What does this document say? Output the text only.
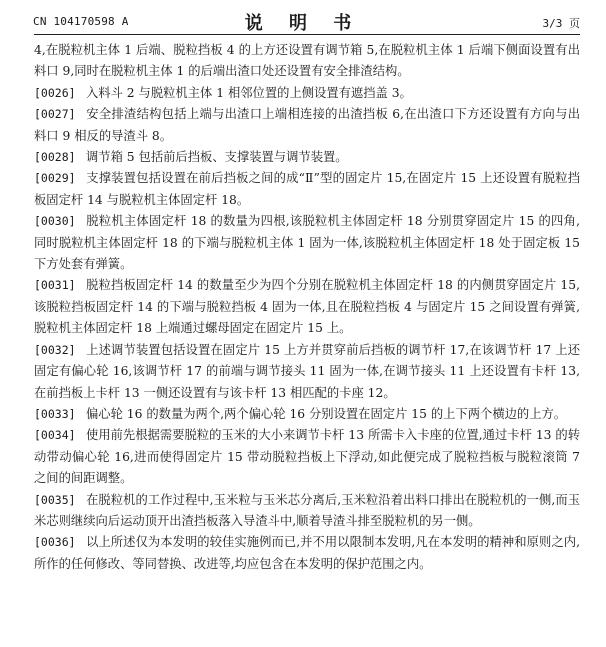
CN 104170598 A	说 明 书	3/3 页

4,在脱粒机主体 1 后端、脱粒挡板 4 的上方还设置有调节箱 5,在脱粒机主体 1 后端下侧面设置有出料口 9,同时在脱粒机主体 1 的后端出渣口处还设置有安全排渣结构。

[0026] 入料斗 2 与脱粒机主体 1 相邻位置的上侧设置有遮挡盖 3。

[0027] 安全排渣结构包括上端与出渣口上端相连接的出渣挡板 6,在出渣口下方还设置有方向与出料口 9 相反的导渣斗 8。

[0028] 调节箱 5 包括前后挡板、支撑装置与调节装置。

[0029] 支撑装置包括设置在前后挡板之间的成“Ⅱ”型的固定片 15,在固定片 15 上还设置有脱粒挡板固定杆 14 与脱粒机主体固定杆 18。

[0030] 脱粒机主体固定杆 18 的数量为四根,该脱粒机主体固定杆 18 分别贯穿固定片 15 的四角,同时脱粒机主体固定杆 18 的下端与脱粒机主体 1 固为一体,该脱粒机主体固定杆 18 处于固定板 15 下方处套有弹簧。

[0031] 脱粒挡板固定杆 14 的数量至少为四个分别在脱粒机主体固定杆 18 的内侧贯穿固定片 15,该脱粒挡板固定杆 14 的下端与脱粒挡板 4 固为一体,且在脱粒挡板 4 与固定片 15 之间设置有弹簧,脱粒机主体固定杆 18 上端通过螺母固定在固定片 15 上。

[0032] 上述调节装置包括设置在固定片 15 上方并贯穿前后挡板的调节杆 17,在该调节杆 17 上还固定有偏心轮 16,该调节杆 17 的前端与调节接头 11 固为一体,在调节接头 11 上还设置有卡杆 13,在前挡板上卡杆 13 一侧还设置有与该卡杆 13 相匹配的卡座 12。

[0033] 偏心轮 16 的数量为两个,两个偏心轮 16 分别设置在固定片 15 的上下两个横边的上方。

[0034] 使用前先根据需要脱粒的玉米的大小来调节卡杆 13 所需卡入卡座的位置,通过卡杆 13 的转动带动偏心轮 16,进而使得固定片 15 带动脱粒挡板上下浮动,如此便完成了脱粒挡板与脱粒滚筒 7 之间的间距调整。

[0035] 在脱粒机的工作过程中,玉米粒与玉米芯分离后,玉米粒沿着出料口排出在脱粒机的一侧,而玉米芯则继续向后运动顶开出渣挡板落入导渣斗中,顺着导渣斗排至脱粒机的另一侧。

[0036] 以上所述仅为本发明的较佳实施例而已,并不用以限制本发明,凡在本发明的精神和原则之内,所作的任何修改、等同替换、改进等,均应包含在本发明的保护范围之内。
